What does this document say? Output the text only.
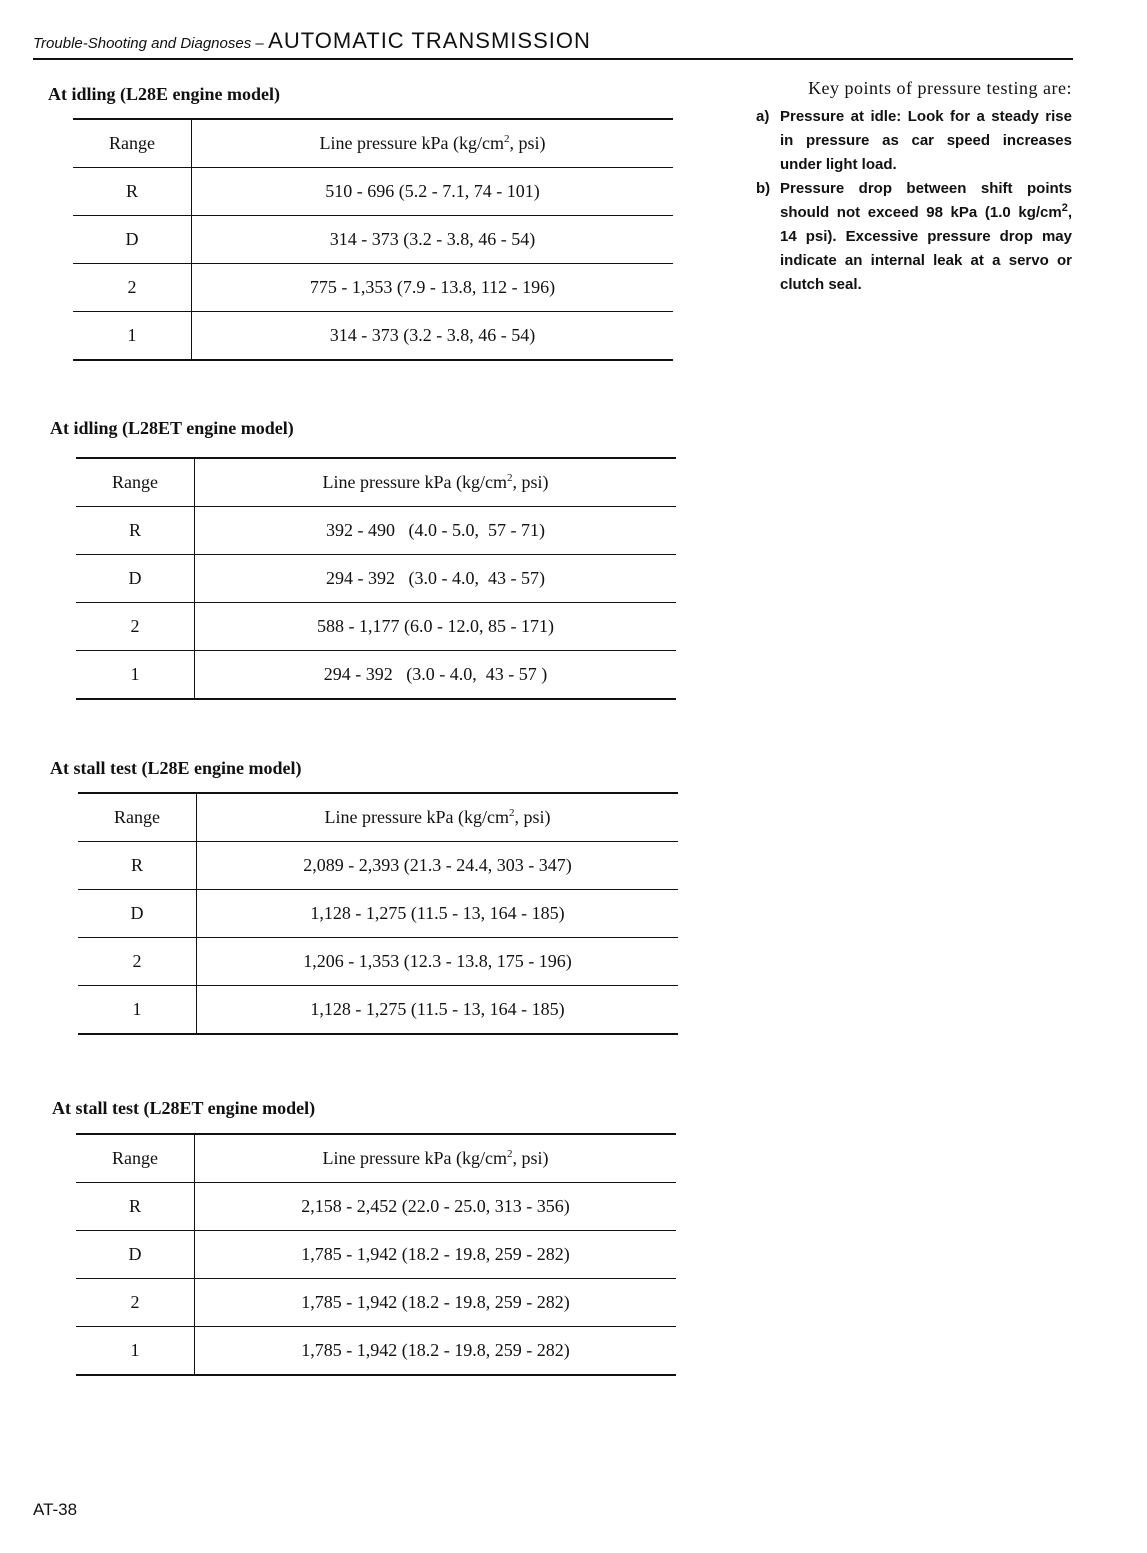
Trouble-Shooting and Diagnoses – AUTOMATIC TRANSMISSION
At idling (L28E engine model)
Range	Line pressure kPa ($kg/cm^2$, psi)
R	510 - 696 (5.2 - 7.1, 74 - 101)
D	314 - 373 (3.2 - 3.8, 46 - 54)
2	775 - 1,353 (7.9 - 13.8, 112 - 196)
1	314 - 373 (3.2 - 3.8, 46 - 54)
At idling (L28ET engine model)
Range	Line pressure kPa ($kg/cm^2$, psi)
R	392 - 490   (4.0 - 5.0,  57 - 71)
D	294 - 392   (3.0 - 4.0,  43 - 57)
2	588 - 1,177 (6.0 - 12.0, 85 - 171)
1	294 - 392   (3.0 - 4.0,  43 - 57 )
At stall test (L28E engine model)
Range	Line pressure kPa ($kg/cm^2$, psi)
R	2,089 - 2,393 (21.3 - 24.4, 303 - 347)
D	1,128 - 1,275 (11.5 - 13, 164 - 185)
2	1,206 - 1,353 (12.3 - 13.8, 175 - 196)
1	1,128 - 1,275 (11.5 - 13, 164 - 185)
At stall test (L28ET engine model)
Range	Line pressure kPa ($kg/cm^2$, psi)
R	2,158 - 2,452 (22.0 - 25.0, 313 - 356)
D	1,785 - 1,942 (18.2 - 19.8, 259 - 282)
2	1,785 - 1,942 (18.2 - 19.8, 259 - 282)
1	1,785 - 1,942 (18.2 - 19.8, 259 - 282)
Key points of pressure testing are:
a) Pressure at idle: Look for a steady rise in pressure as car speed increases under light load.
b) Pressure drop between shift points should not exceed 98 kPa (1.0 $kg/cm^2$, 14 psi). Excessive pressure drop may indicate an internal leak at a servo or clutch seal.
AT-38
